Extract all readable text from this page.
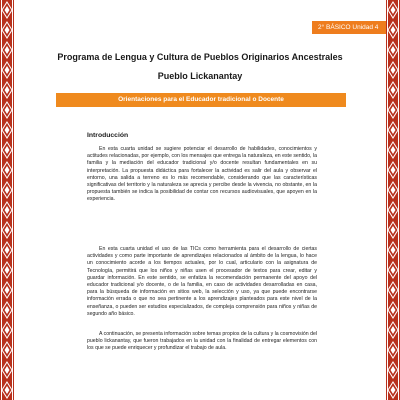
2° BÁSICO Unidad 4
Programa de Lengua y Cultura de Pueblos Originarios Ancestrales
Pueblo Lickanantay
Orientaciones para el Educador tradicional o Docente
Introducción

En esta cuarta unidad se sugiere potenciar el desarrollo de habilidades, conocimientos y actitudes relacionadas, por ejemplo, con los mensajes que entrega la naturaleza, en este sentido, la familia y la mediación del educador tradicional y/o docente resultan fundamentales en su interpretación. La propuesta didáctica para fortalecer la actividad es salir del aula y observar el entorno, una salida a terreno es lo más recomendable, considerando que las características significativas del territorio y la naturaleza se aprecia y percibe desde la vivencia, no obstante, en la propuesta también se indica la posibilidad de contar con recursos audiovisuales, que apoyen en la experiencia.

En esta cuarta unidad el uso de las TICs como herramienta para el desarrollo de ciertas actividades y como parte importante de aprendizajes relacionados al ámbito de la lengua, lo hace un conocimiento acorde a los tiempos actuales, por lo cual, articulario con la asignatura de Tecnología, permitirá que los niños y niñas usen el procesador de textos para crear, editar y guardar información. En este sentido, se enfatiza la recomendación permanente del apoyo del educador tradicional y/o docente, o de la familia, en caso de actividades desarrolladas en casa, para la búsqueda de información en sitios web, la selección y uso, ya que puede encontrarse información errada o que no sea pertinente a los aprendizajes planteados para este nivel de la enseñanza, o pueden ser estudios especializados, de compleja comprensión para niños y niñas de segundo año básico.

A continuación, se presenta información sobre temas propios de la cultura y la cosmovisión del pueblo lickanantay, que fueron trabajados en la unidad con la finalidad de entregar elementos con los que se puede enriquecer y profundizar el trabajo de aula.
